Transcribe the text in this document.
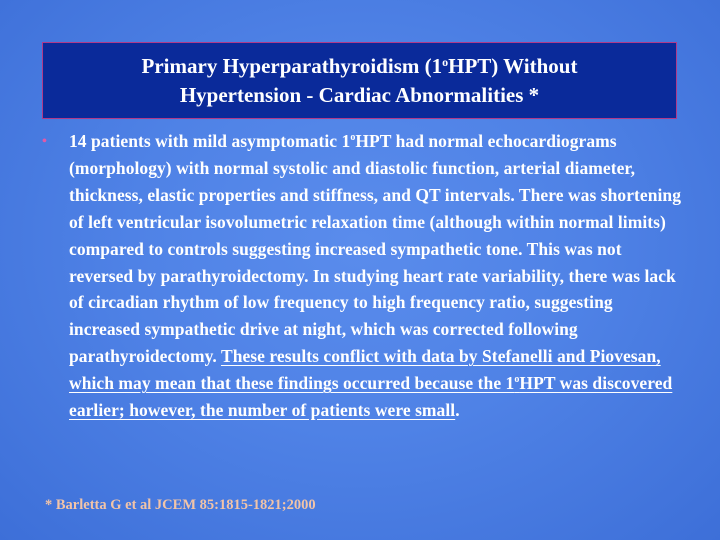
Primary Hyperparathyroidism (1$^o$HPT) Without
Hypertension - Cardiac Abnormalities *
• 14 patients with mild asymptomatic 1$^o$HPT had normal echocardiograms (morphology) with normal systolic and diastolic function, arterial diameter, thickness, elastic properties and stiffness, and QT intervals. There was shortening of left ventricular isovolumetric relaxation time (although within normal limits) compared to controls suggesting increased sympathetic tone. This was not reversed by parathyroidectomy. In studying heart rate variability, there was lack of circadian rhythm of low frequency to high frequency ratio, suggesting increased sympathetic drive at night, which was corrected following parathyroidectomy. These results conflict with data by Stefanelli and Piovesan, which may mean that these findings occurred because the 1$^o$HPT was discovered earlier; however, the number of patients were small.
* Barletta G et al JCEM 85:1815-1821;2000
